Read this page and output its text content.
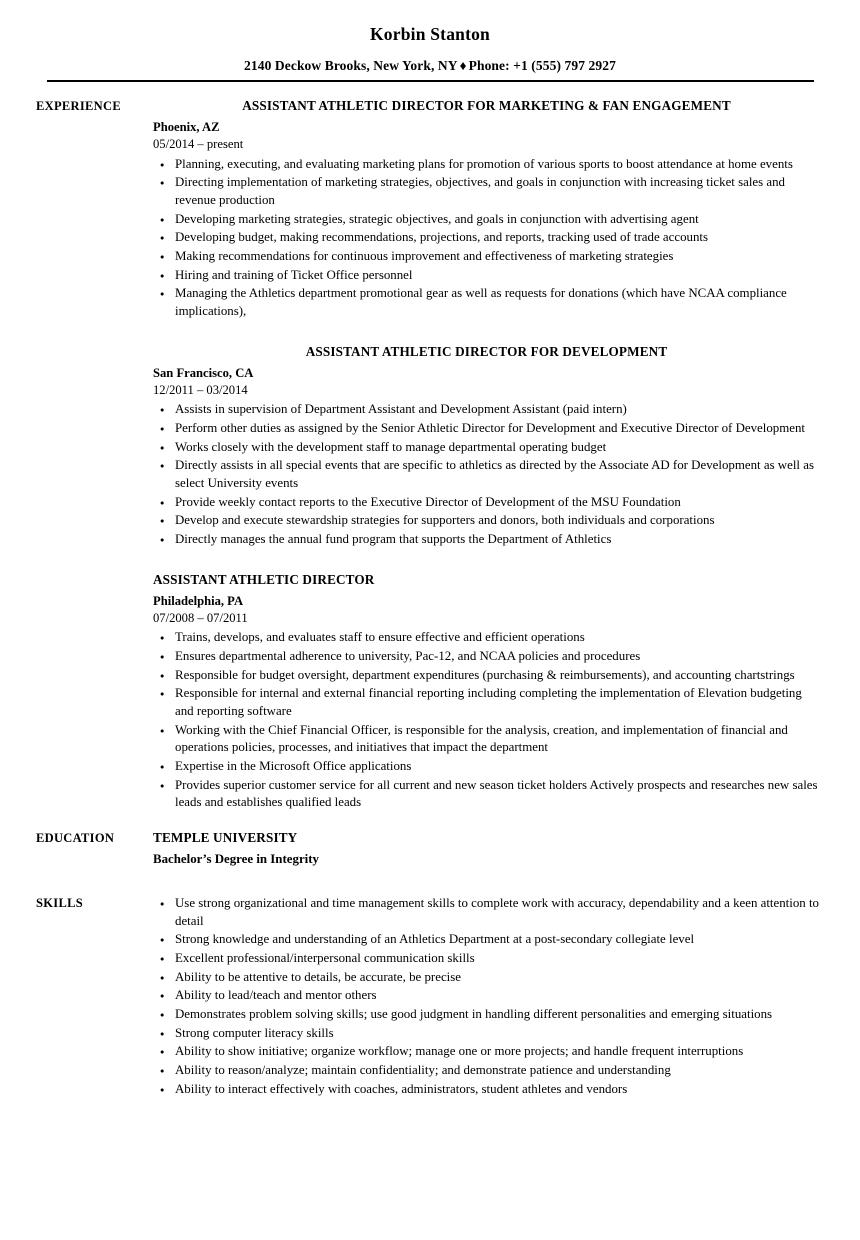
Korbin Stanton
2140 Deckow Brooks, New York, NY ♦ Phone: +1 (555) 797 2927
EXPERIENCE	ASSISTANT ATHLETIC DIRECTOR FOR MARKETING & FAN ENGAGEMENT
Phoenix, AZ
05/2014 – present
● Planning, executing, and evaluating marketing plans for promotion of various sports to boost attendance at home events
● Directing implementation of marketing strategies, objectives, and goals in conjunction with increasing ticket sales and revenue production
● Developing marketing strategies, strategic objectives, and goals in conjunction with advertising agent
● Developing budget, making recommendations, projections, and reports, tracking used of trade accounts
● Making recommendations for continuous improvement and effectiveness of marketing strategies
● Hiring and training of Ticket Office personnel
● Managing the Athletics department promotional gear as well as requests for donations (which have NCAA compliance implications),
ASSISTANT ATHLETIC DIRECTOR FOR DEVELOPMENT
San Francisco, CA
12/2011 – 03/2014
● Assists in supervision of Department Assistant and Development Assistant (paid intern)
● Perform other duties as assigned by the Senior Athletic Director for Development and Executive Director of Development
● Works closely with the development staff to manage departmental operating budget
● Directly assists in all special events that are specific to athletics as directed by the Associate AD for Development as well as select University events
● Provide weekly contact reports to the Executive Director of Development of the MSU Foundation
● Develop and execute stewardship strategies for supporters and donors, both individuals and corporations
● Directly manages the annual fund program that supports the Department of Athletics
ASSISTANT ATHLETIC DIRECTOR
Philadelphia, PA
07/2008 – 07/2011
● Trains, develops, and evaluates staff to ensure effective and efficient operations
● Ensures departmental adherence to university, Pac-12, and NCAA policies and procedures
● Responsible for budget oversight, department expenditures (purchasing & reimbursements), and accounting chartstrings
● Responsible for internal and external financial reporting including completing the implementation of Elevation budgeting and reporting software
● Working with the Chief Financial Officer, is responsible for the analysis, creation, and implementation of financial and operations policies, processes, and initiatives that impact the department
● Expertise in the Microsoft Office applications
● Provides superior customer service for all current and new season ticket holders Actively prospects and researches new sales leads and establishes qualified leads
EDUCATION	TEMPLE UNIVERSITY
Bachelor’s Degree in Integrity
SKILLS	● Use strong organizational and time management skills to complete work with accuracy, dependability and a keen attention to detail
● Strong knowledge and understanding of an Athletics Department at a post-secondary collegiate level
● Excellent professional/interpersonal communication skills
● Ability to be attentive to details, be accurate, be precise
● Ability to lead/teach and mentor others
● Demonstrates problem solving skills; use good judgment in handling different personalities and emerging situations
● Strong computer literacy skills
● Ability to show initiative; organize workflow; manage one or more projects; and handle frequent interruptions
● Ability to reason/analyze; maintain confidentiality; and demonstrate patience and understanding
● Ability to interact effectively with coaches, administrators, student athletes and vendors
